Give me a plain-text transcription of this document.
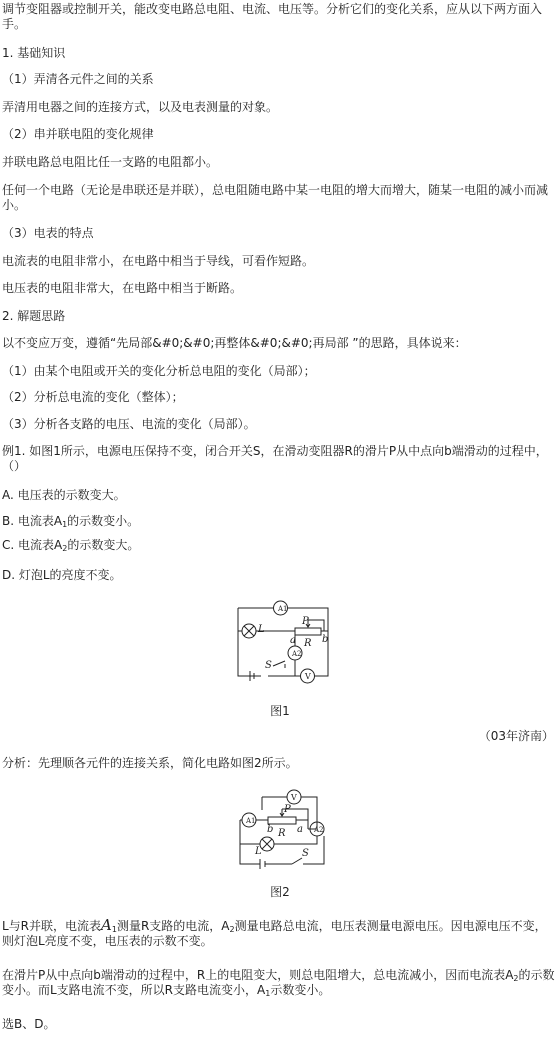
调节变阻器或控制开关，能改变电路总电阻、电流、电压等。分析它们的变化关系，应从以下两方面入手。
1. 基础知识
（1）弄清各元件之间的关系
弄清用电器之间的连接方式，以及电表测量的对象。
（2）串并联电阻的变化规律
并联电路总电阻比任一支路的电阻都小。
任何一个电路（无论是串联还是并联），总电阻随电路中某一电阻的增大而增大，随某一电阻的减小而减小。
（3）电表的特点
电流表的电阻非常小，在电路中相当于导线，可看作短路。
电压表的电阻非常大，在电路中相当于断路。
2. 解题思路
以不变应万变，遵循“先局部&#0;&#0;再整体&#0;&#0;再局部 ”的思路，具体说来：
（1）由某个电阻或开关的变化分析总电阻的变化（局部）；
（2）分析总电流的变化（整体）；
（3）分析各支路的电压、电流的变化（局部）。
例1. 如图1所示，电源电压保持不变，闭合开关S，在滑动变阻器R的滑片P从中点向b端滑动的过程中，（）
A. 电压表的示数变大。
B. 电流表$A_1$的示数变小。
C. 电流表$A_2$的示数变大。
D. 灯泡L的亮度不变。
A1
A2
V
L
P
R
a	b
S
图1
（03年济南）
分析：先理顺各元件的连接关系，简化电路如图2所示。
A1
A2
V
P
R
b a
L	S
图2
L与R并联，电流表$A_1$测量R支路的电流，$A_2$测量电路总电流，电压表测量电源电压。因电源电压不变，则灯泡L亮度不变，电压表的示数不变。
在滑片P从中点向b端滑动的过程中，R上的电阻变大，则总电阻增大，总电流减小，因而电流表$A_2$的示数变小。而L支路电流不变，所以R支路电流变小，$A_1$示数变小。
选B、D。
